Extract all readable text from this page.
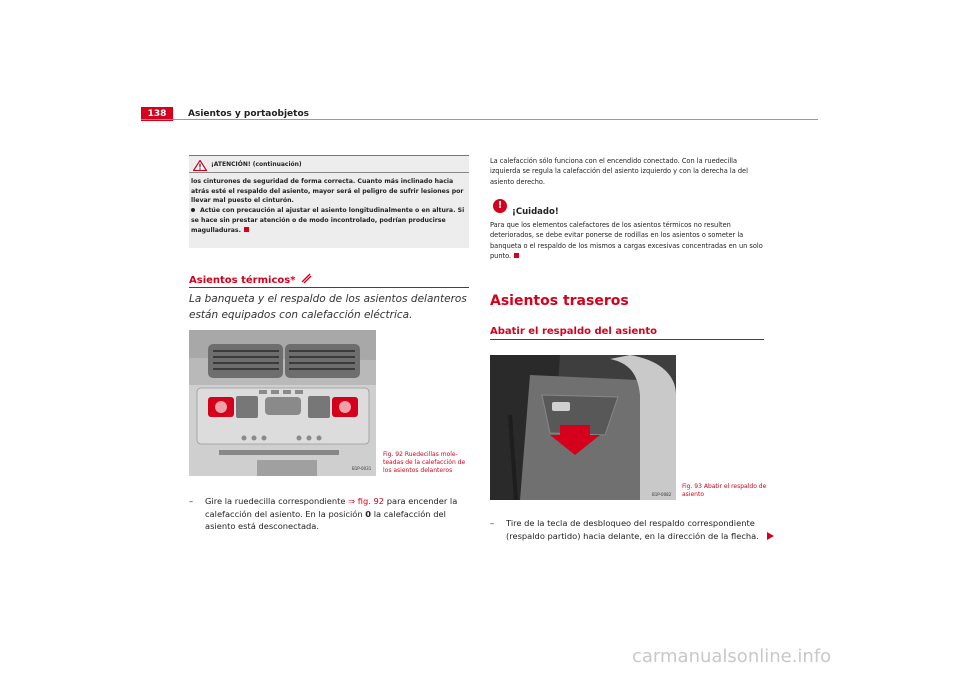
138	Asientos y portaobjetos
¡ATENCIÓN! (continuación)

los cinturones de seguridad de forma correcta. Cuanto más inclinado hacia atrás esté el respaldo del asiento, mayor será el peligro de sufrir lesiones por llevar mal puesto el cinturón.

Actúe con precaución al ajustar el asiento longitudinalmente o en altura. Si se hace sin prestar atención o de modo incontrolado, podrían producirse magulladuras.

Asientos térmicos*
La banqueta y el respaldo de los asientos delanteros están equipados con calefacción eléctrica.
B1P-0031
Fig. 92 Ruedecillas mole-teadas de la calefacción de los asientos delanteros
– Gire la ruedecilla correspondiente ⇒ fig. 92 para encender la calefacción del asiento. En la posición 0 la calefacción del asiento está desconectada.
La calefacción sólo funciona con el encendido conectado. Con la ruedecilla izquierda se regula la calefacción del asiento izquierdo y con la derecha la del asiento derecho.
!
¡Cuidado!
Para que los elementos calefactores de los asientos térmicos no resulten deteriorados, se debe evitar ponerse de rodillas en los asientos o someter la banqueta o el respaldo de los mismos a cargas excesivas concentradas en un solo punto.
Asientos traseros
Abatir el respaldo del asiento
B1P-0082
Fig. 93 Abatir el respaldo de asiento
– Tire de la tecla de desbloqueo del respaldo correspondiente (respaldo partido) hacia delante, en la dirección de la flecha.
carmanualsonline.info
